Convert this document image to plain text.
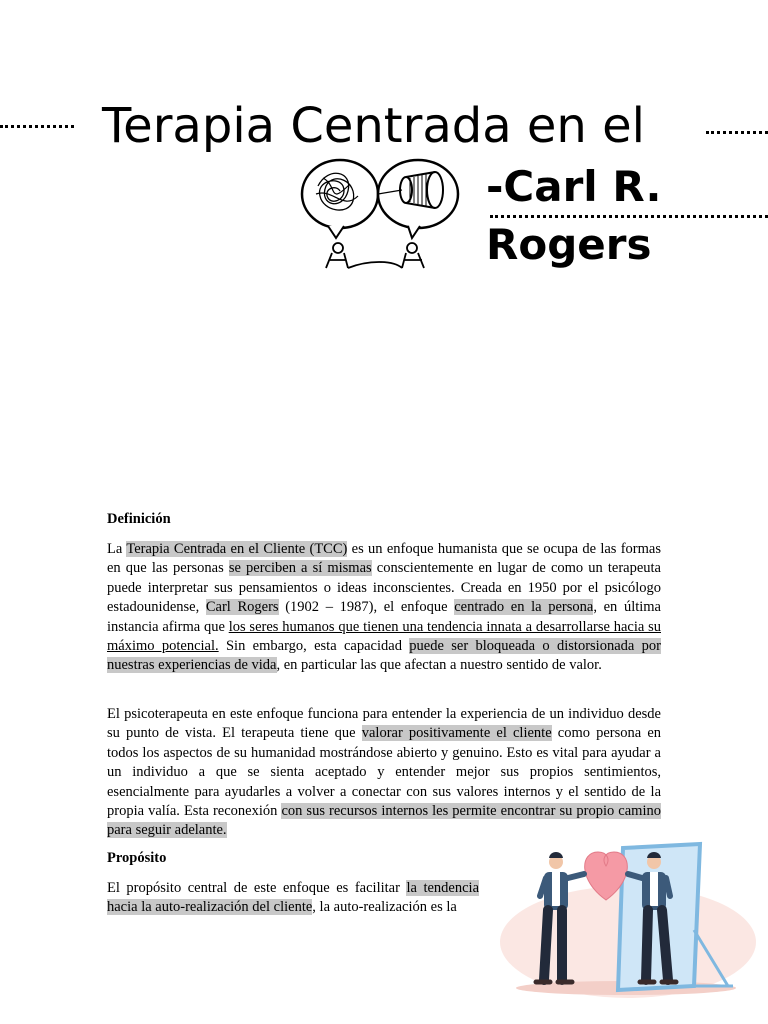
Terapia Centrada en el
-Carl R.
Rogers
Definición

La Terapia Centrada en el Cliente (TCC) es un enfoque humanista que se ocupa de las formas en que las personas se perciben a sí mismas conscientemente en lugar de como un terapeuta puede interpretar sus pensamientos o ideas inconscientes. Creada en 1950 por el psicólogo estadounidense, Carl Rogers (1902 – 1987), el enfoque centrado en la persona, en última instancia afirma que los seres humanos que tienen una tendencia innata a desarrollarse hacia su máximo potencial. Sin embargo, esta capacidad puede ser bloqueada o distorsionada por nuestras experiencias de vida, en particular las que afectan a nuestro sentido de valor.

El psicoterapeuta en este enfoque funciona para entender la experiencia de un individuo desde su punto de vista. El terapeuta tiene que valorar positivamente el cliente como persona en todos los aspectos de su humanidad mostrándose abierto y genuino. Esto es vital para ayudar a un individuo a que se sienta aceptado y entender mejor sus propios sentimientos, esencialmente para ayudarles a volver a conectar con sus valores internos y el sentido de la propia valía. Esta reconexión con sus recursos internos les permite encontrar su propio camino para seguir adelante.

Propósito

El propósito central de este enfoque es facilitar la tendencia hacia la auto-realización del cliente, la auto-realización es la
